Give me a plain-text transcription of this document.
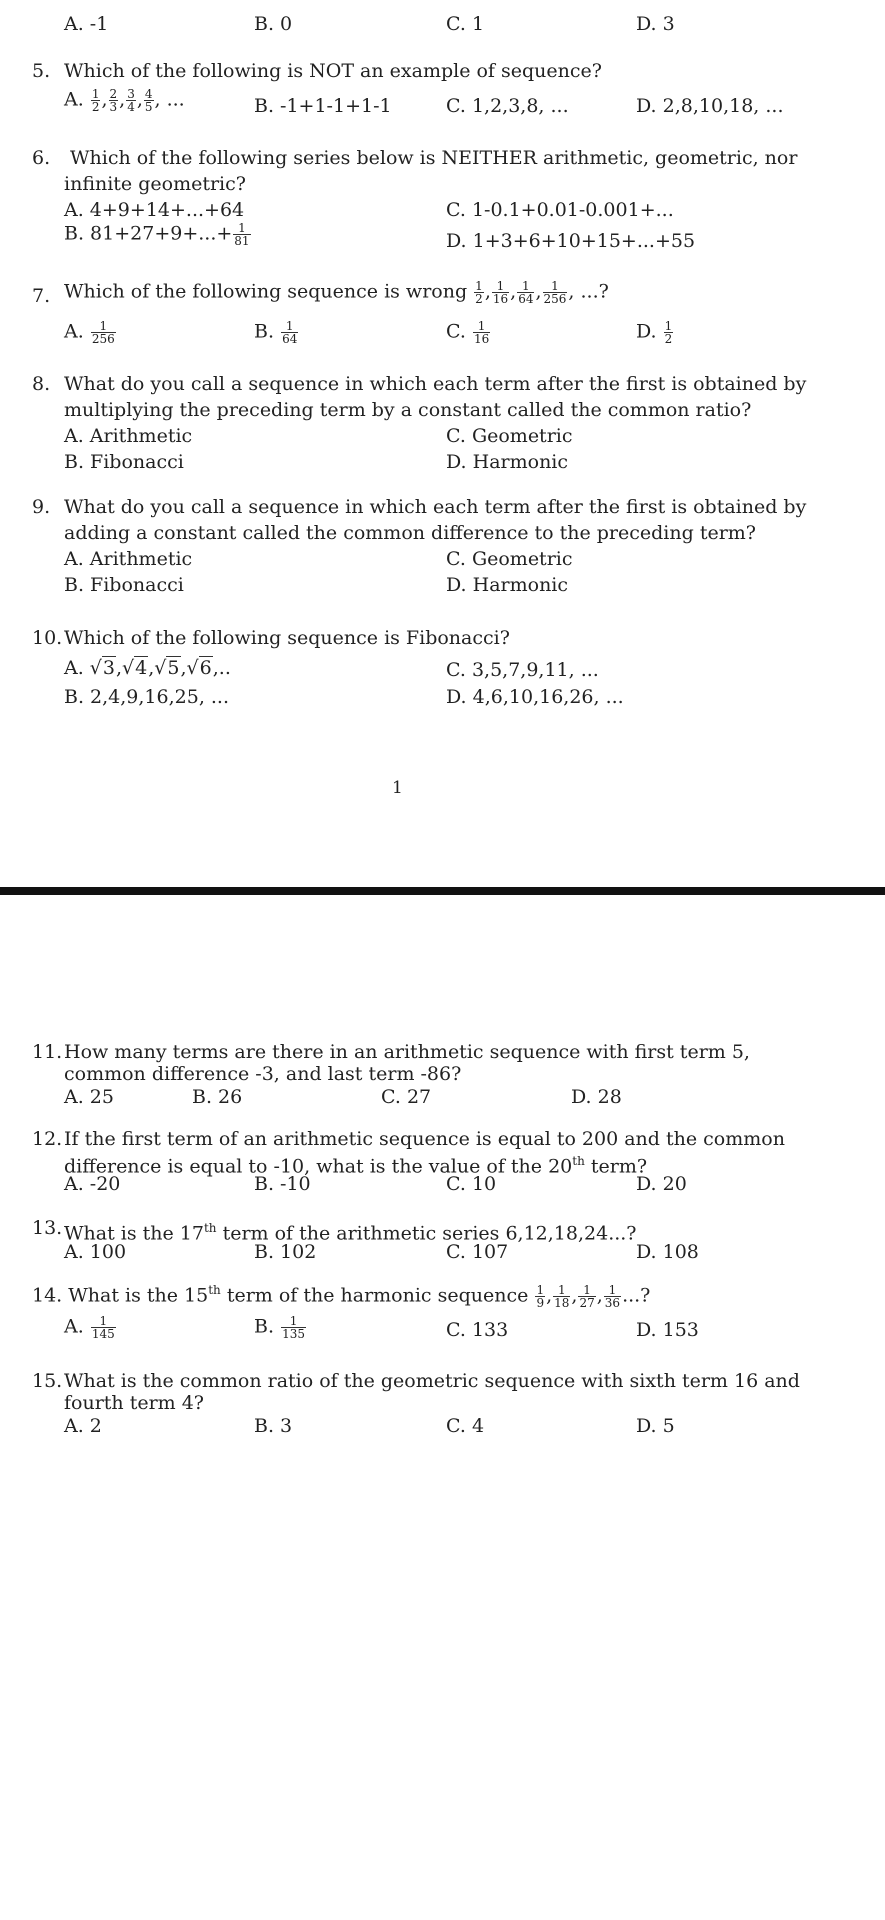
A. -1	B. 0	C. 1	D. 3
5. Which of the following is NOT an example of sequence?
A. $\frac{1}{2}$ , $\frac{2}{3}$ , $\frac{3}{4}$ , $\frac{4}{5}$ , ...	B. -1+1-1+1-1	C. 1,2,3,8, ...	D. 2,8,10,18, ...
6. Which of the following series below is NEITHER arithmetic, geometric, nor
infinite geometric?
A. 4+9+14+...+64	C. 1-0.1+0.01-0.001+...
B. $81+27+9+...+ \frac{1}{81}$	D. 1+3+6+10+15+...+55
7. Which of the following sequence is wrong $\frac{1}{2}$ , $\frac{1}{16}$ , $\frac{1}{64}$ , $\frac{1}{256}$ , ...?
A. $\frac{1}{256}$	B. $\frac{1}{64}$	C. $\frac{1}{16}$	D. $\frac{1}{2}$
8. What do you call a sequence in which each term after the first is obtained by
multiplying the preceding term by a constant called the common ratio?
A. Arithmetic	C. Geometric
B. Fibonacci	D. Harmonic
9. What do you call a sequence in which each term after the first is obtained by
adding a constant called the common difference to the preceding term?
A. Arithmetic	C. Geometric
B. Fibonacci	D. Harmonic
10. Which of the following sequence is Fibonacci?
A. √3,√4,√5,√6,..	C. 3,5,7,9,11, ...
B. 2,4,9,16,25, ...	D. 4,6,10,16,26, ...
1
11. How many terms are there in an arithmetic sequence with first term 5,
common difference -3, and last term -86?
A. 25	B. 26	C. 27	D. 28
12. If the first term of an arithmetic sequence is equal to 200 and the common
difference is equal to -10, what is the value of the 20th term?
A. -20	B. -10	C. 10	D. 20
13. What is the 17th term of the arithmetic series 6,12,18,24...?
A. 100	B. 102	C. 107	D. 108
14. What is the 15th term of the harmonic sequence $\frac{1}{9}$ , $\frac{1}{18}$ , $\frac{1}{27}$ , $\frac{1}{36}$ ...?
A. $\frac{1}{145}$	B. $\frac{1}{135}$	C. 133	D. 153
15. What is the common ratio of the geometric sequence with sixth term 16 and
fourth term 4?
A. 2	B. 3	C. 4	D. 5
